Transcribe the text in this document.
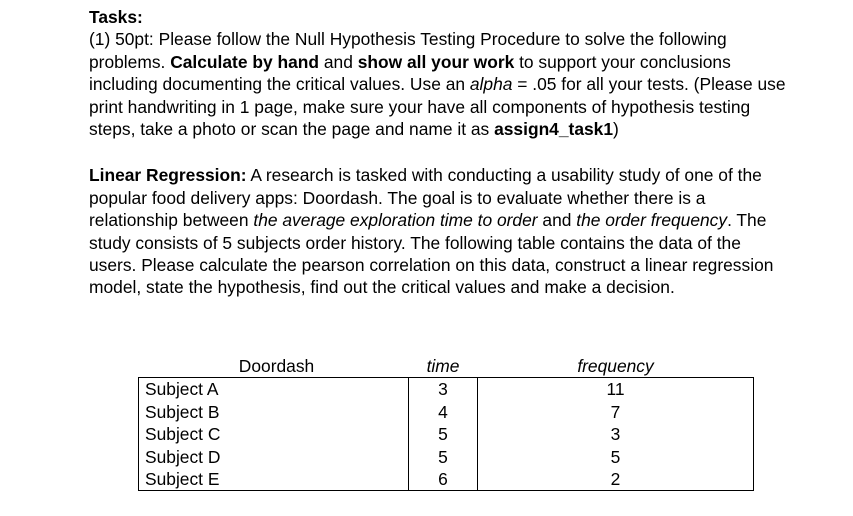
Tasks:

(1) 50pt: Please follow the Null Hypothesis Testing Procedure to solve the following problems. Calculate by hand and show all your work to support your conclusions including documenting the critical values. Use an alpha = .05 for all your tests. (Please use print handwriting in 1 page, make sure your have all components of hypothesis testing steps, take a photo or scan the page and name it as assign4_task1)

Linear Regression: A research is tasked with conducting a usability study of one of the popular food delivery apps: Doordash. The goal is to evaluate whether there is a relationship between the average exploration time to order and the order frequency. The study consists of 5 subjects order history. The following table contains the data of the users. Please calculate the pearson correlation on this data, construct a linear regression model, state the hypothesis, find out the critical values and make a decision.

Doordash	time	frequency
Subject A	3	11
Subject B	4	7
Subject C	5	3
Subject D	5	5
Subject E	6	2
